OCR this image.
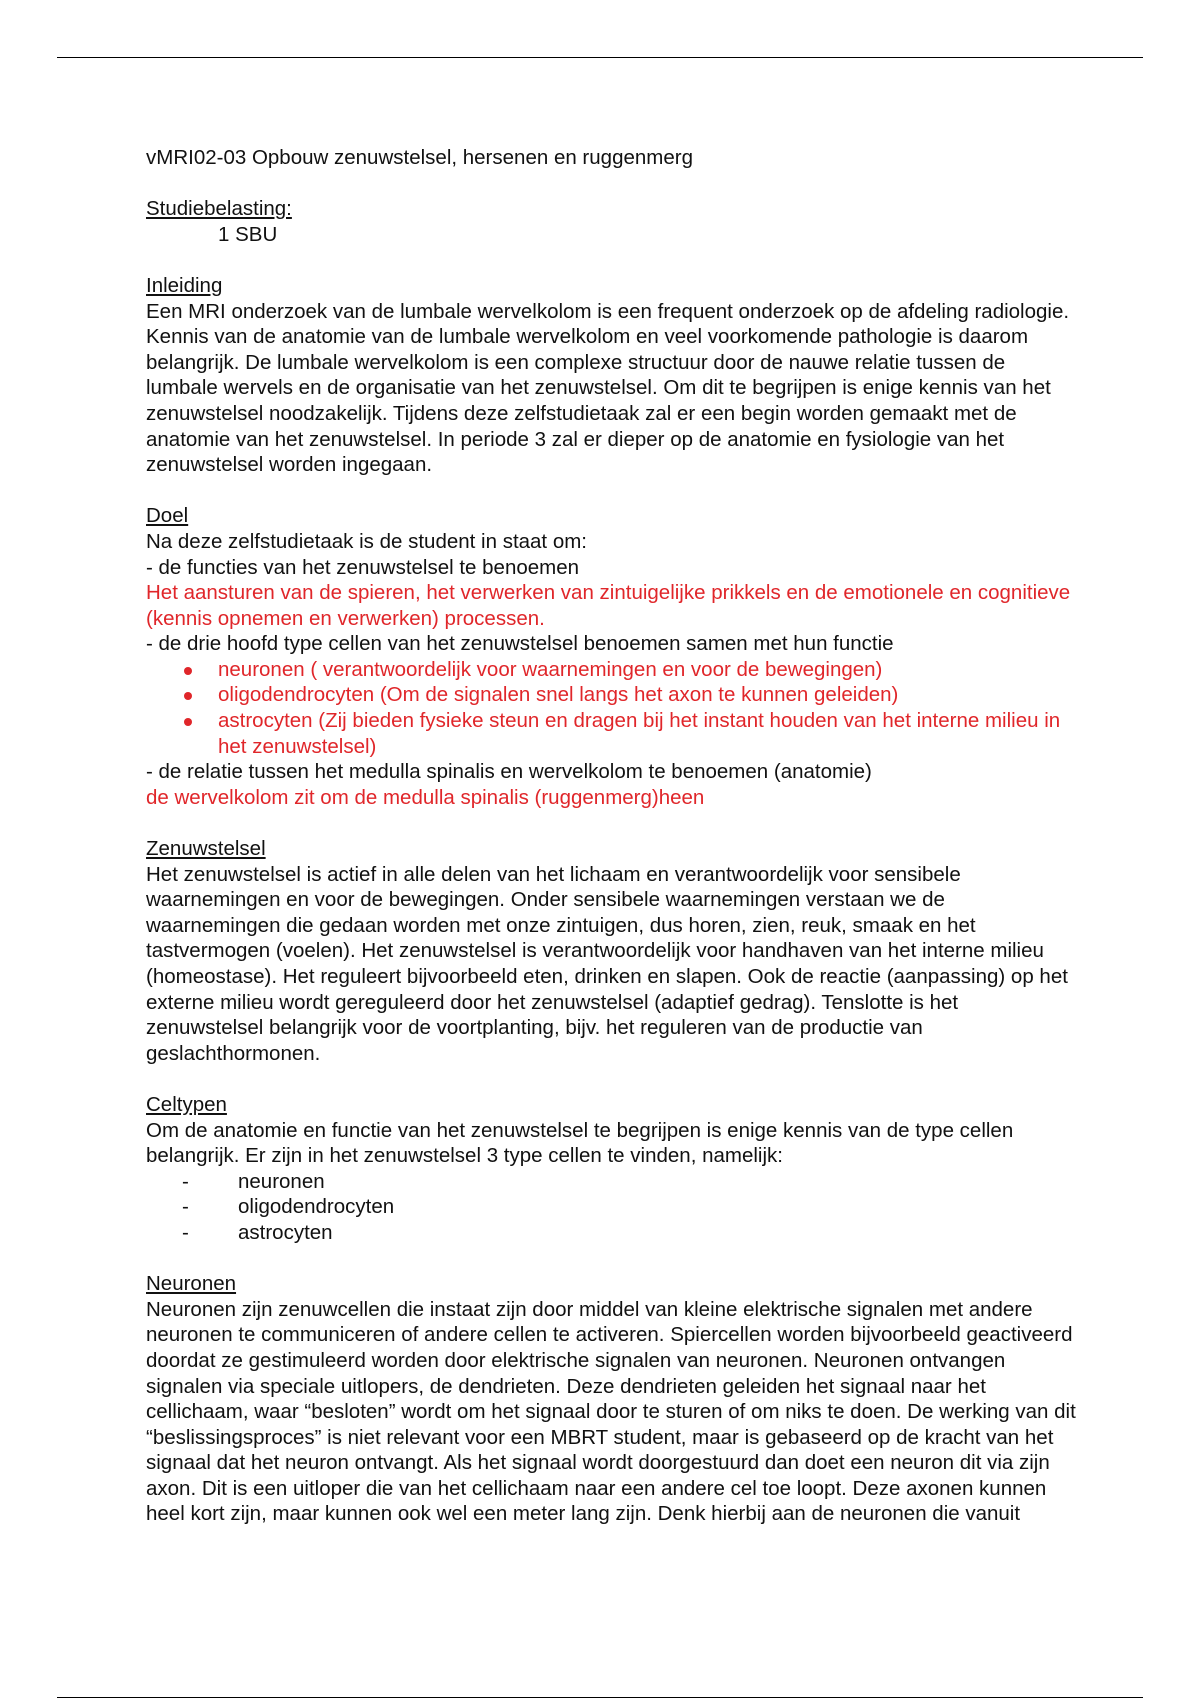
vMRI02-03 Opbouw zenuwstelsel, hersenen en ruggenmerg

Studiebelasting:

1 SBU

Inleiding

Een MRI onderzoek van de lumbale wervelkolom is een frequent onderzoek op de afdeling radiologie. Kennis van de anatomie van de lumbale wervelkolom en veel voorkomende pathologie is daarom belangrijk. De lumbale wervelkolom is een complexe structuur door de nauwe relatie tussen de lumbale wervels en de organisatie van het zenuwstelsel. Om dit te begrijpen is enige kennis van het zenuwstelsel noodzakelijk. Tijdens deze zelfstudietaak zal er een begin worden gemaakt met de anatomie van het zenuwstelsel. In periode 3 zal er dieper op de anatomie en fysiologie van het zenuwstelsel worden ingegaan.

Doel

Na deze zelfstudietaak is de student in staat om:

- de functies van het zenuwstelsel te benoemen

Het aansturen van de spieren, het verwerken van zintuigelijke prikkels en de emotionele en cognitieve (kennis opnemen en verwerken) processen.

- de drie hoofd type cellen van het zenuwstelsel benoemen samen met hun functie

neuronen ( verantwoordelijk voor waarnemingen en voor de bewegingen)
oligodendrocyten (Om de signalen snel langs het axon te kunnen geleiden)
astrocyten (Zij bieden fysieke steun en dragen bij het instant houden van het interne milieu in het zenuwstelsel)

- de relatie tussen het medulla spinalis en wervelkolom te benoemen (anatomie)

de wervelkolom zit om de medulla spinalis (ruggenmerg)heen

Zenuwstelsel

Het zenuwstelsel is actief in alle delen van het lichaam en verantwoordelijk voor sensibele waarnemingen en voor de bewegingen. Onder sensibele waarnemingen verstaan we de waarnemingen die gedaan worden met onze zintuigen, dus horen, zien, reuk, smaak en het tastvermogen (voelen). Het zenuwstelsel is verantwoordelijk voor handhaven van het interne milieu (homeostase). Het reguleert bijvoorbeeld eten, drinken en slapen. Ook de reactie (aanpassing) op het externe milieu wordt gereguleerd door het zenuwstelsel (adaptief gedrag). Tenslotte is het zenuwstelsel belangrijk voor de voortplanting, bijv. het reguleren van de productie van geslachthormonen.

Celtypen

Om de anatomie en functie van het zenuwstelsel te begrijpen is enige kennis van de type cellen belangrijk. Er zijn in het zenuwstelsel 3 type cellen te vinden, namelijk:

- neuronen
- oligodendrocyten
- astrocyten

Neuronen

Neuronen zijn zenuwcellen die instaat zijn door middel van kleine elektrische signalen met andere neuronen te communiceren of andere cellen te activeren. Spiercellen worden bijvoorbeeld geactiveerd doordat ze gestimuleerd worden door elektrische signalen van neuronen. Neuronen ontvangen signalen via speciale uitlopers, de dendrieten. Deze dendrieten geleiden het signaal naar het cellichaam, waar “besloten” wordt om het signaal door te sturen of om niks te doen. De werking van dit “beslissingsproces” is niet relevant voor een MBRT student, maar is gebaseerd op de kracht van het signaal dat het neuron ontvangt. Als het signaal wordt doorgestuurd dan doet een neuron dit via zijn axon. Dit is een uitloper die van het cellichaam naar een andere cel toe loopt. Deze axonen kunnen heel kort zijn, maar kunnen ook wel een meter lang zijn. Denk hierbij aan de neuronen die vanuit
